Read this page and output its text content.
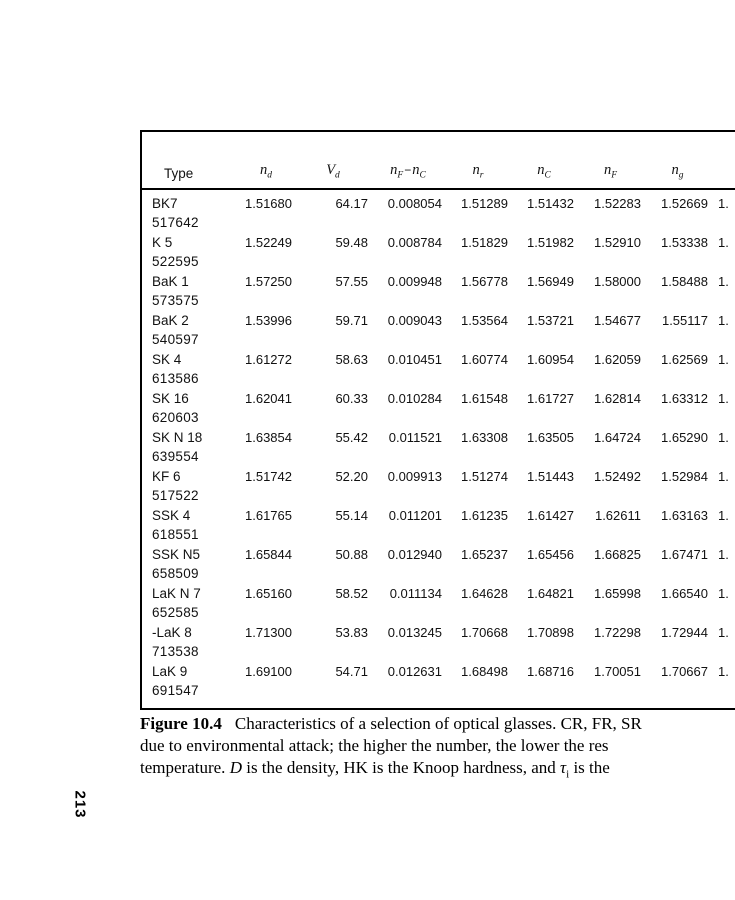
213
Type	$n_d$	$V_d$	$n_F-n_C$	$n_r$	$n_C$	$n_F$	$n_g$
BK7
517642
1.51680	64.17	0.008054	1.51289	1.51432	1.52283	1.52669 1.
K 5
522595
1.52249	59.48	0.008784	1.51829	1.51982	1.52910	1.53338 1.
BaK 1
573575
1.57250	57.55	0.009948	1.56778	1.56949	1.58000	1.58488 1.
BaK 2
540597
1.53996	59.71	0.009043	1.53564	1.53721	1.54677	1.55117 1.
SK 4
613586
1.61272	58.63	0.010451	1.60774	1.60954	1.62059	1.62569 1.
SK 16
620603
1.62041	60.33	0.010284	1.61548	1.61727	1.62814	1.63312 1.
SK N 18
639554
1.63854	55.42	0.011521	1.63308	1.63505	1.64724	1.65290 1.
KF 6
517522
1.51742	52.20	0.009913	1.51274	1.51443	1.52492	1.52984 1.
SSK 4
618551
1.61765	55.14	0.011201	1.61235	1.61427	1.62611	1.63163 1.
SSK N5
658509
1.65844	50.88	0.012940	1.65237	1.65456	1.66825	1.67471 1.
LaK N 7
652585
1.65160	58.52	0.011134	1.64628	1.64821	1.65998	1.66540 1.
-LaK 8
713538
1.71300	53.83	0.013245	1.70668	1.70898	1.72298	1.72944 1.
LaK 9
691547
1.69100	54.71	0.012631	1.68498	1.68716	1.70051	1.70667 1.
Figure 10.4 Characteristics of a selection of optical glasses. CR, FR, SR
due to environmental attack; the higher the number, the lower the res
temperature. D is the density, HK is the Knoop hardness, and $\tau_i$ is the
